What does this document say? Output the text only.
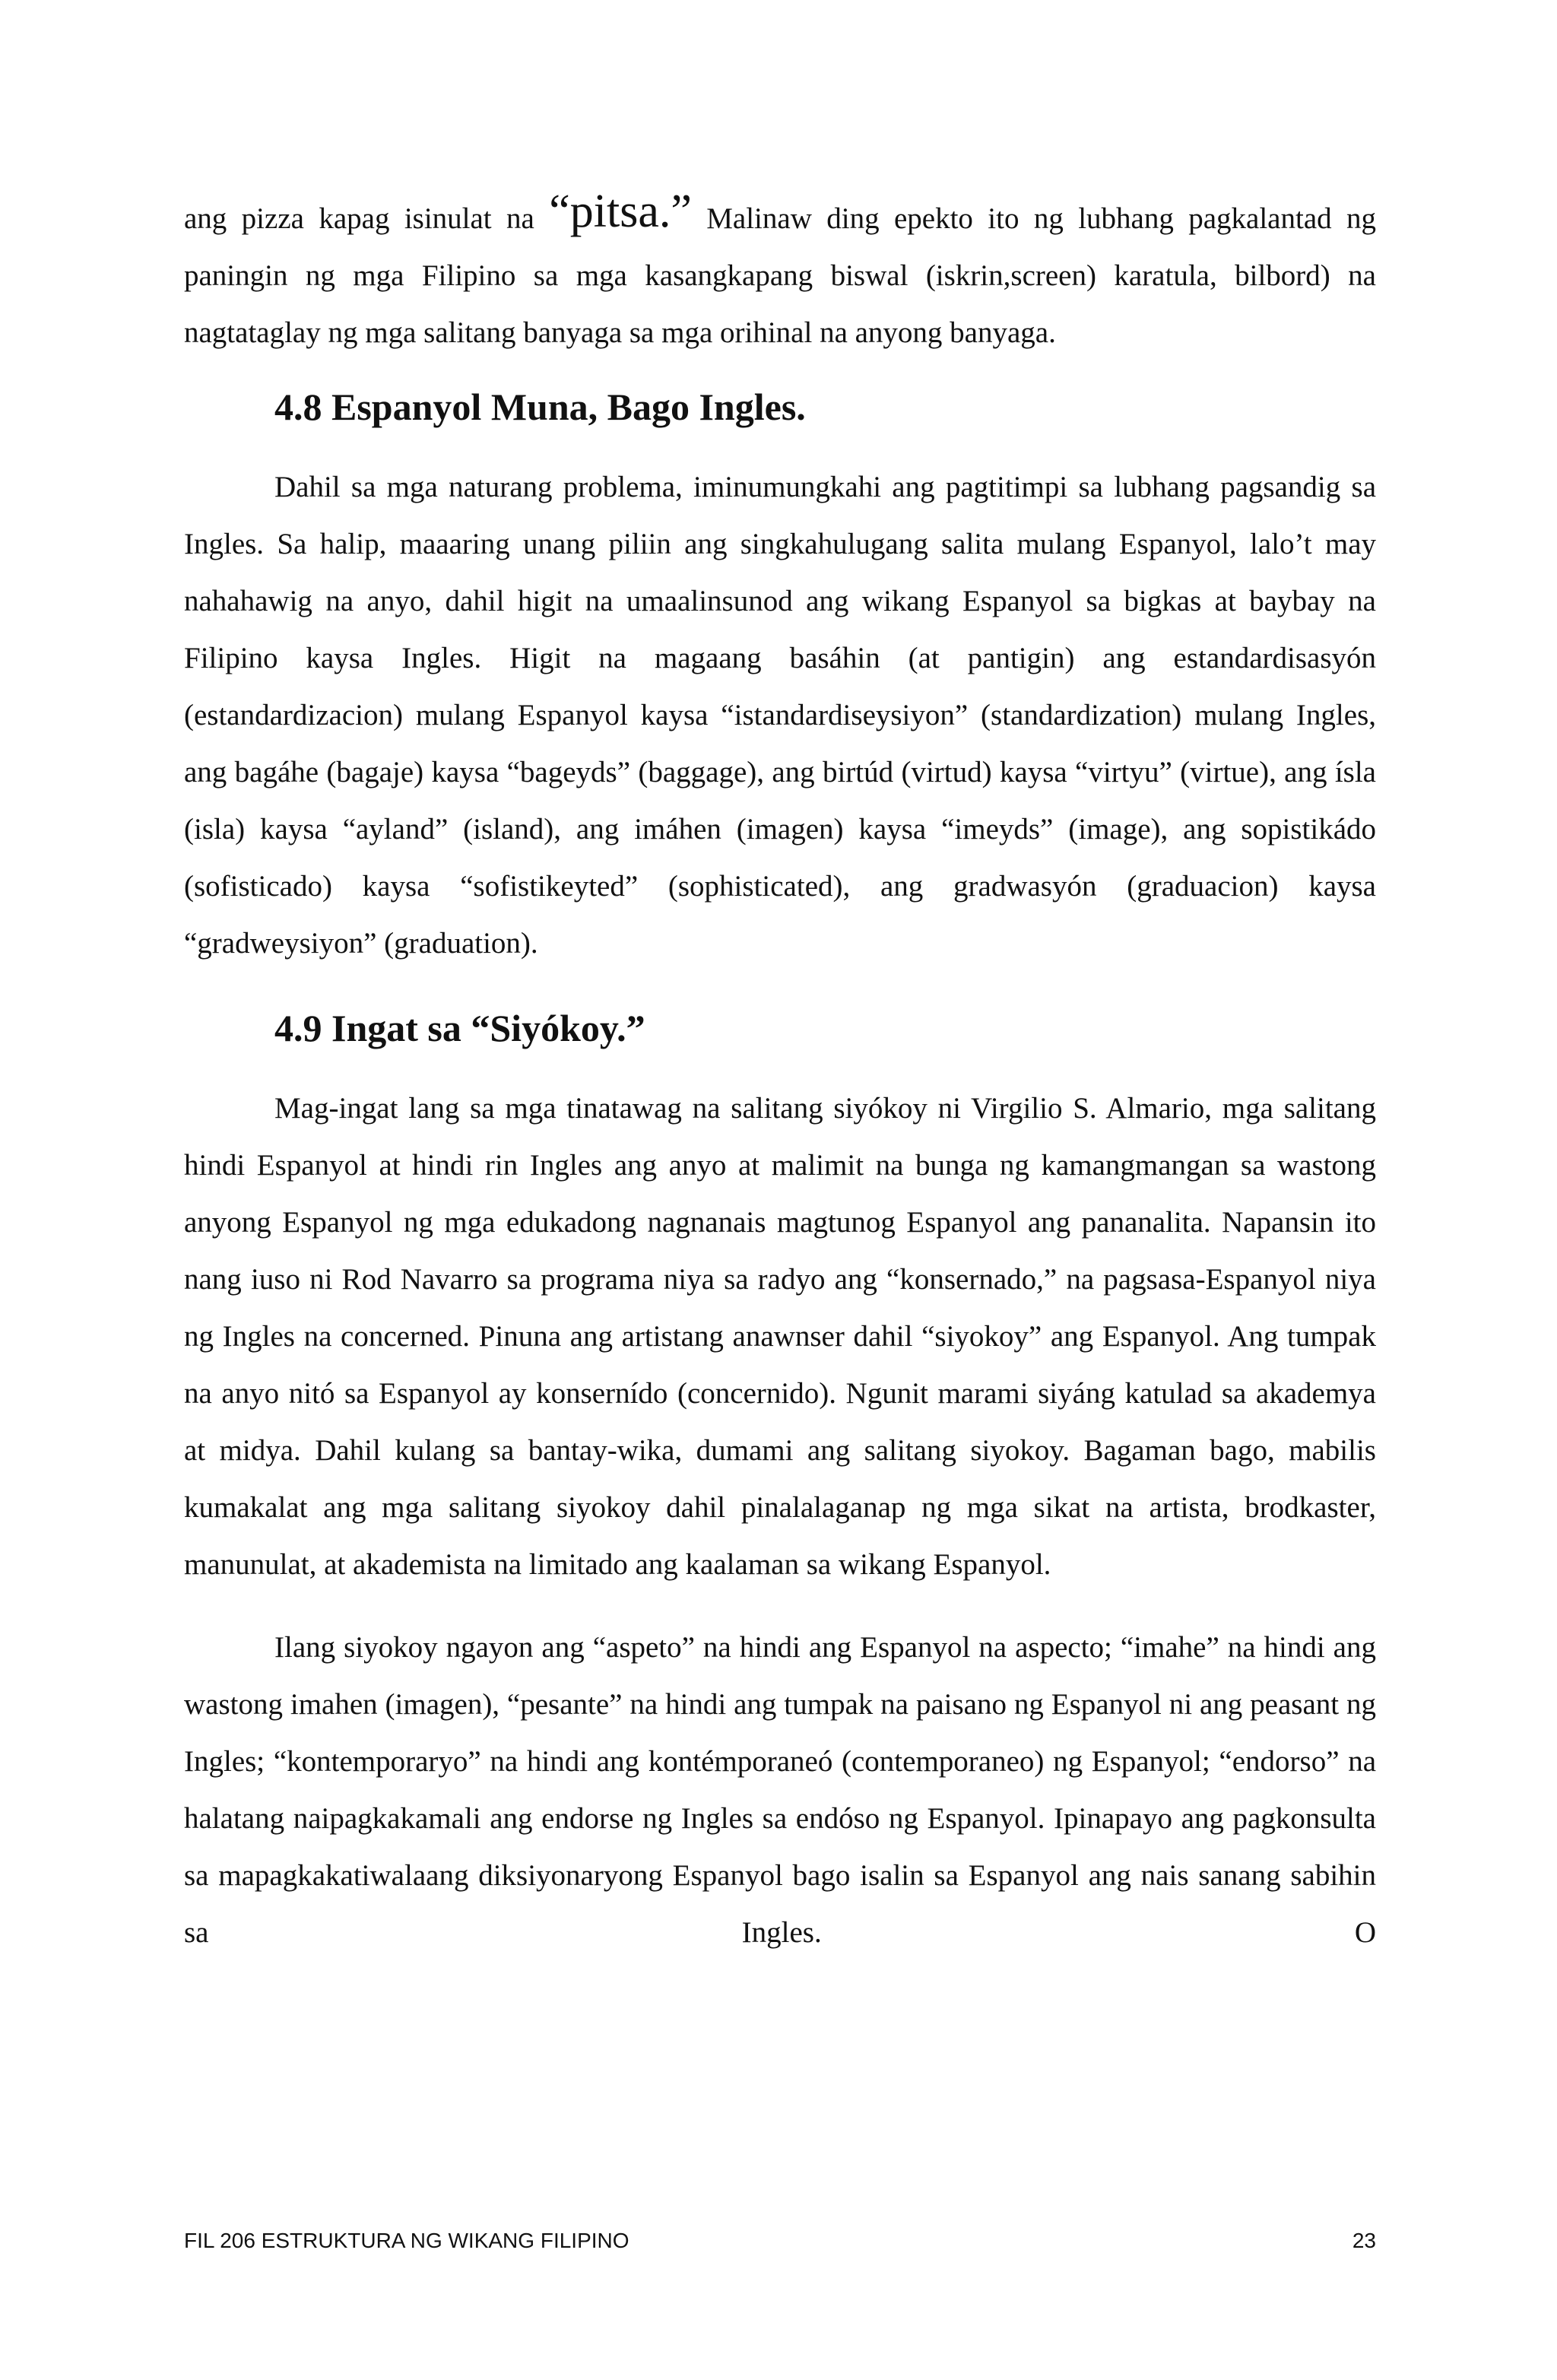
ang pizza kapag isinulat na “pitsa.” Malinaw ding epekto ito ng lubhang pagkalantad ng paningin ng mga Filipino sa mga kasangkapang biswal (iskrin,screen) karatula, bilbord) na nagtataglay ng mga salitang banyaga sa mga orihinal na anyong banyaga.

4.8 Espanyol Muna, Bago Ingles.

Dahil sa mga naturang problema, iminumungkahi ang pagtitimpi sa lubhang pagsandig sa Ingles. Sa halip, maaaring unang piliin ang singkahulugang salita mulang Espanyol, lalo’t may nahahawig na anyo, dahil higit na umaalinsunod ang wikang Espanyol sa bigkas at baybay na Filipino kaysa Ingles. Higit na magaang basáhin (at pantigin) ang estandardisasyón (estandardizacion) mulang Espanyol kaysa “istandardiseysiyon” (standardization) mulang Ingles, ang bagáhe (bagaje) kaysa “bageyds” (baggage), ang birtúd (virtud) kaysa “virtyu” (virtue), ang ísla (isla) kaysa “ayland” (island), ang imáhen (imagen) kaysa “imeyds” (image), ang sopistikádo (sofisticado) kaysa “sofistikeyted” (sophisticated), ang gradwasyón (graduacion) kaysa “gradweysiyon” (graduation).

4.9 Ingat sa “Siyókoy.”

Mag-ingat lang sa mga tinatawag na salitang siyókoy ni Virgilio S. Almario, mga salitang hindi Espanyol at hindi rin Ingles ang anyo at malimit na bunga ng kamangmangan sa wastong anyong Espanyol ng mga edukadong nagnanais magtunog Espanyol ang pananalita. Napansin ito nang iuso ni Rod Navarro sa programa niya sa radyo ang “konsernado,” na pagsasa-Espanyol niya ng Ingles na concerned. Pinuna ang artistang anawnser dahil “siyokoy” ang Espanyol. Ang tumpak na anyo nitó sa Espanyol ay konsernído (concernido). Ngunit marami siyáng katulad sa akademya at midya. Dahil kulang sa bantay-wika, dumami ang salitang siyokoy. Bagaman bago, mabilis kumakalat ang mga salitang siyokoy dahil pinalalaganap ng mga sikat na artista, brodkaster, manunulat, at akademista na limitado ang kaalaman sa wikang Espanyol.

Ilang siyokoy ngayon ang “aspeto” na hindi ang Espanyol na aspecto; “imahe” na hindi ang wastong imahen (imagen), “pesante” na hindi ang tumpak na paisano ng Espanyol ni ang peasant ng Ingles; “kontemporaryo” na hindi ang kontémporaneó (contemporaneo) ng Espanyol; “endorso” na halatang naipagkakamali ang endorse ng Ingles sa endóso ng Espanyol. Ipinapayo ang pagkonsulta sa mapagkakatiwalaang diksiyonaryong Espanyol bago isalin sa Espanyol ang nais sanang sabihin sa Ingles. O

FIL 206 ESTRUKTURA NG WIKANG FILIPINO	23
